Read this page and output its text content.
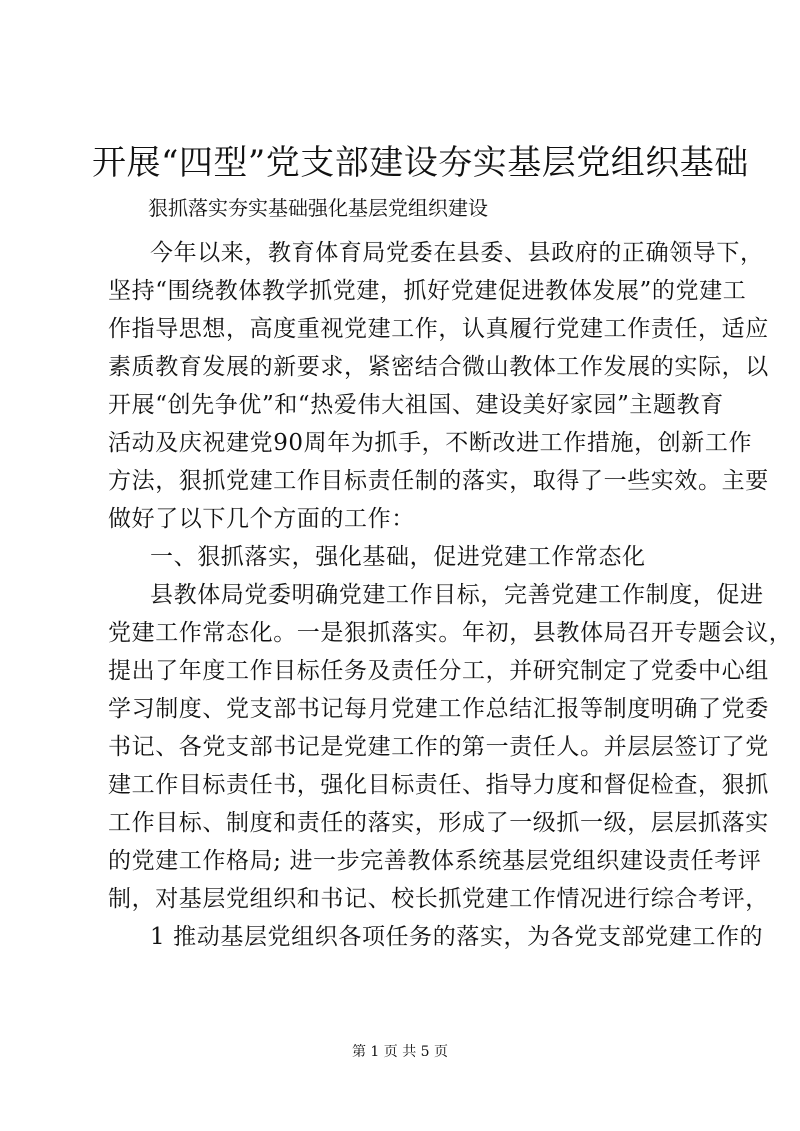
开展“四型”党支部建设夯实基层党组织基础
狠抓落实夯实基础强化基层党组织建设
今年以来，教育体育局党委在县委、县政府的正确领导下，
坚持“围绕教体教学抓党建，抓好党建促进教体发展”的党建工
作指导思想，高度重视党建工作，认真履行党建工作责任，适应
素质教育发展的新要求，紧密结合微山教体工作发展的实际，以
开展“创先争优”和“热爱伟大祖国、建设美好家园”主题教育
活动及庆祝建党90周年为抓手，不断改进工作措施，创新工作
方法，狠抓党建工作目标责任制的落实，取得了一些实效。主要
做好了以下几个方面的工作：
一、狠抓落实，强化基础，促进党建工作常态化
县教体局党委明确党建工作目标，完善党建工作制度，促进
党建工作常态化。一是狠抓落实。年初，县教体局召开专题会议，
提出了年度工作目标任务及责任分工，并研究制定了党委中心组
学习制度、党支部书记每月党建工作总结汇报等制度明确了党委
书记、各党支部书记是党建工作的第一责任人。并层层签订了党
建工作目标责任书，强化目标责任、指导力度和督促检查，狠抓
工作目标、制度和责任的落实，形成了一级抓一级，层层抓落实
的党建工作格局; 进一步完善教体系统基层党组织建设责任考评
制，对基层党组织和书记、校长抓党建工作情况进行综合考评，
1 推动基层党组织各项任务的落实，为各党支部党建工作的
第 1 页 共 5 页
